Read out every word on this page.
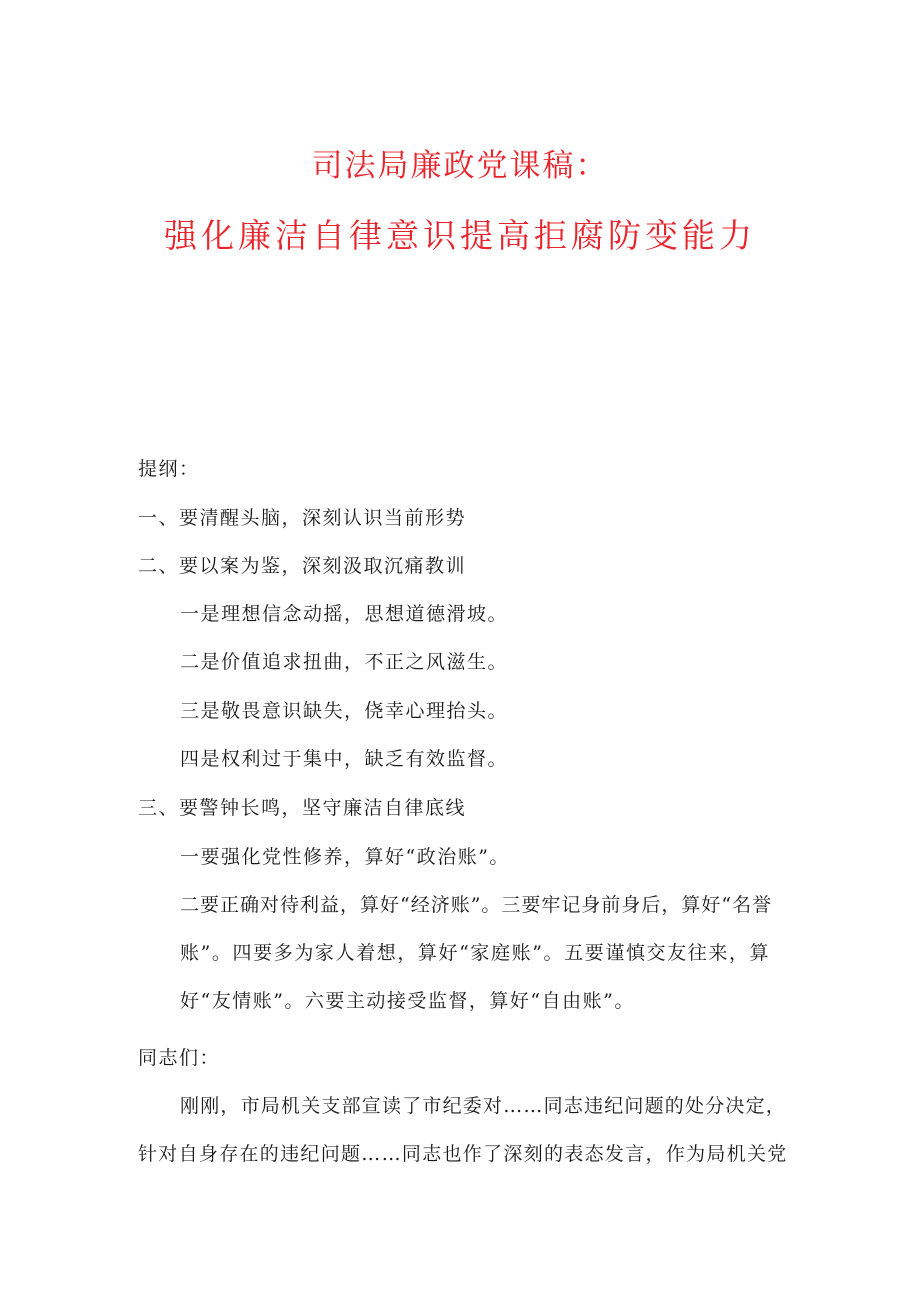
司法局廉政党课稿：
强化廉洁自律意识提高拒腐防变能力
提纲：
一、要清醒头脑，深刻认识当前形势
二、要以案为鉴，深刻汲取沉痛教训
一是理想信念动摇，思想道德滑坡。
二是价值追求扭曲，不正之风滋生。
三是敬畏意识缺失，侥幸心理抬头。
四是权利过于集中，缺乏有效监督。
三、要警钟长鸣，坚守廉洁自律底线
一要强化党性修养，算好“政治账”。
二要正确对待利益，算好“经济账”。三要牢记身前身后，算好“名誉
账”。四要多为家人着想，算好“家庭账”。五要谨慎交友往来，算
好“友情账”。六要主动接受监督，算好“自由账”。
同志们：
刚刚，市局机关支部宣读了市纪委对……同志违纪问题的处分决定，
针对自身存在的违纪问题……同志也作了深刻的表态发言，作为局机关党
